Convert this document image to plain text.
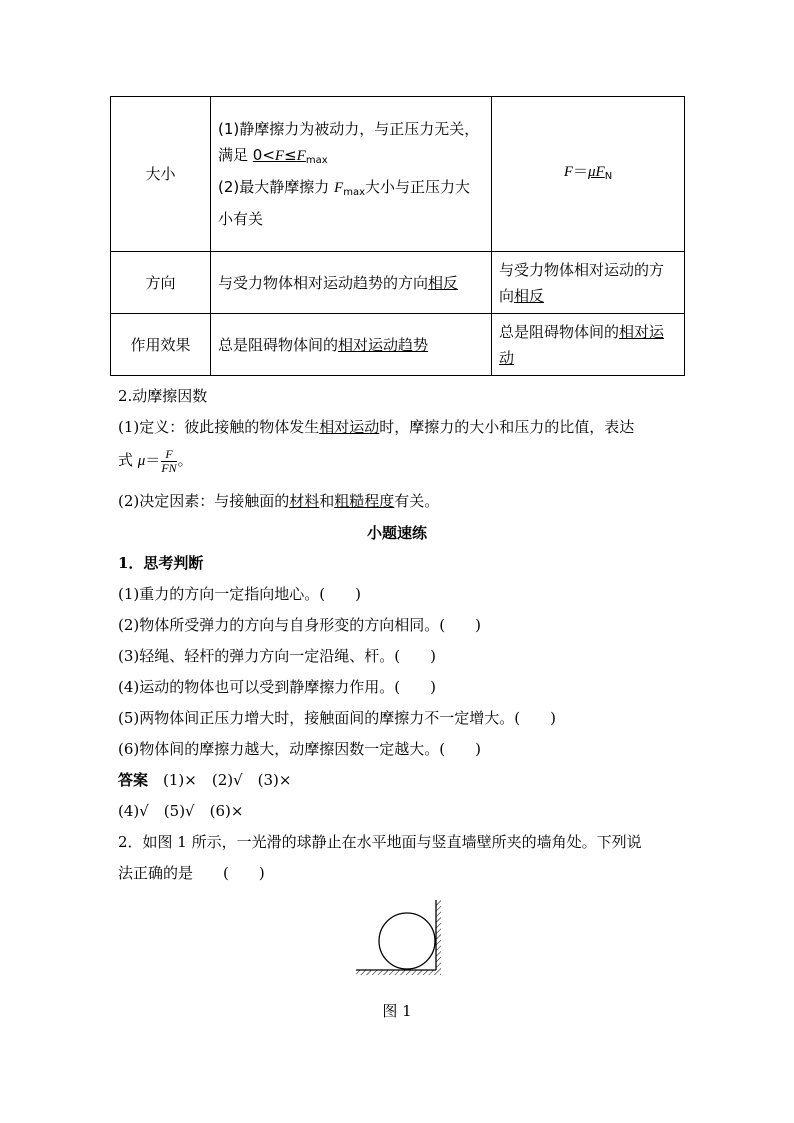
大小	(1)静摩擦力为被动力，与正压力无关，
满足 $0<F\le F_{max}$
(2)最大静摩擦力 $F_{max}$大小与正压力大
小有关	$F=\mu F_N$
方向	与受力物体相对运动趋势的方向相反	与受力物体相对运动的方
向相反

作用效果	总是阻碍物体间的相对运动趋势	总是阻碍物体间的相对运
动
2.动摩擦因数
(1)定义：彼此接触的物体发生相对运动时，摩擦力的大小和压力的比值，表达
式 $\mu= \frac{F}{FN}$ 。
(2)决定因素：与接触面的材料和粗糙程度有关。
小题速练
1．思考判断
(1)重力的方向一定指向地心。(　　)
(2)物体所受弹力的方向与自身形变的方向相同。(　　)
(3)轻绳、轻杆的弹力方向一定沿绳、杆。(　　)
(4)运动的物体也可以受到静摩擦力作用。(　　)
(5)两物体间正压力增大时，接触面间的摩擦力不一定增大。(　　)
(6)物体间的摩擦力越大，动摩擦因数一定越大。(　　)
答案　 (1)×　(2)√　(3)×
(4)√　(5)√　(6)×
2．如图 1 所示，一光滑的球静止在水平地面与竖直墙壁所夹的墙角处。下列说
法正确的是　　(　　)
图 1
